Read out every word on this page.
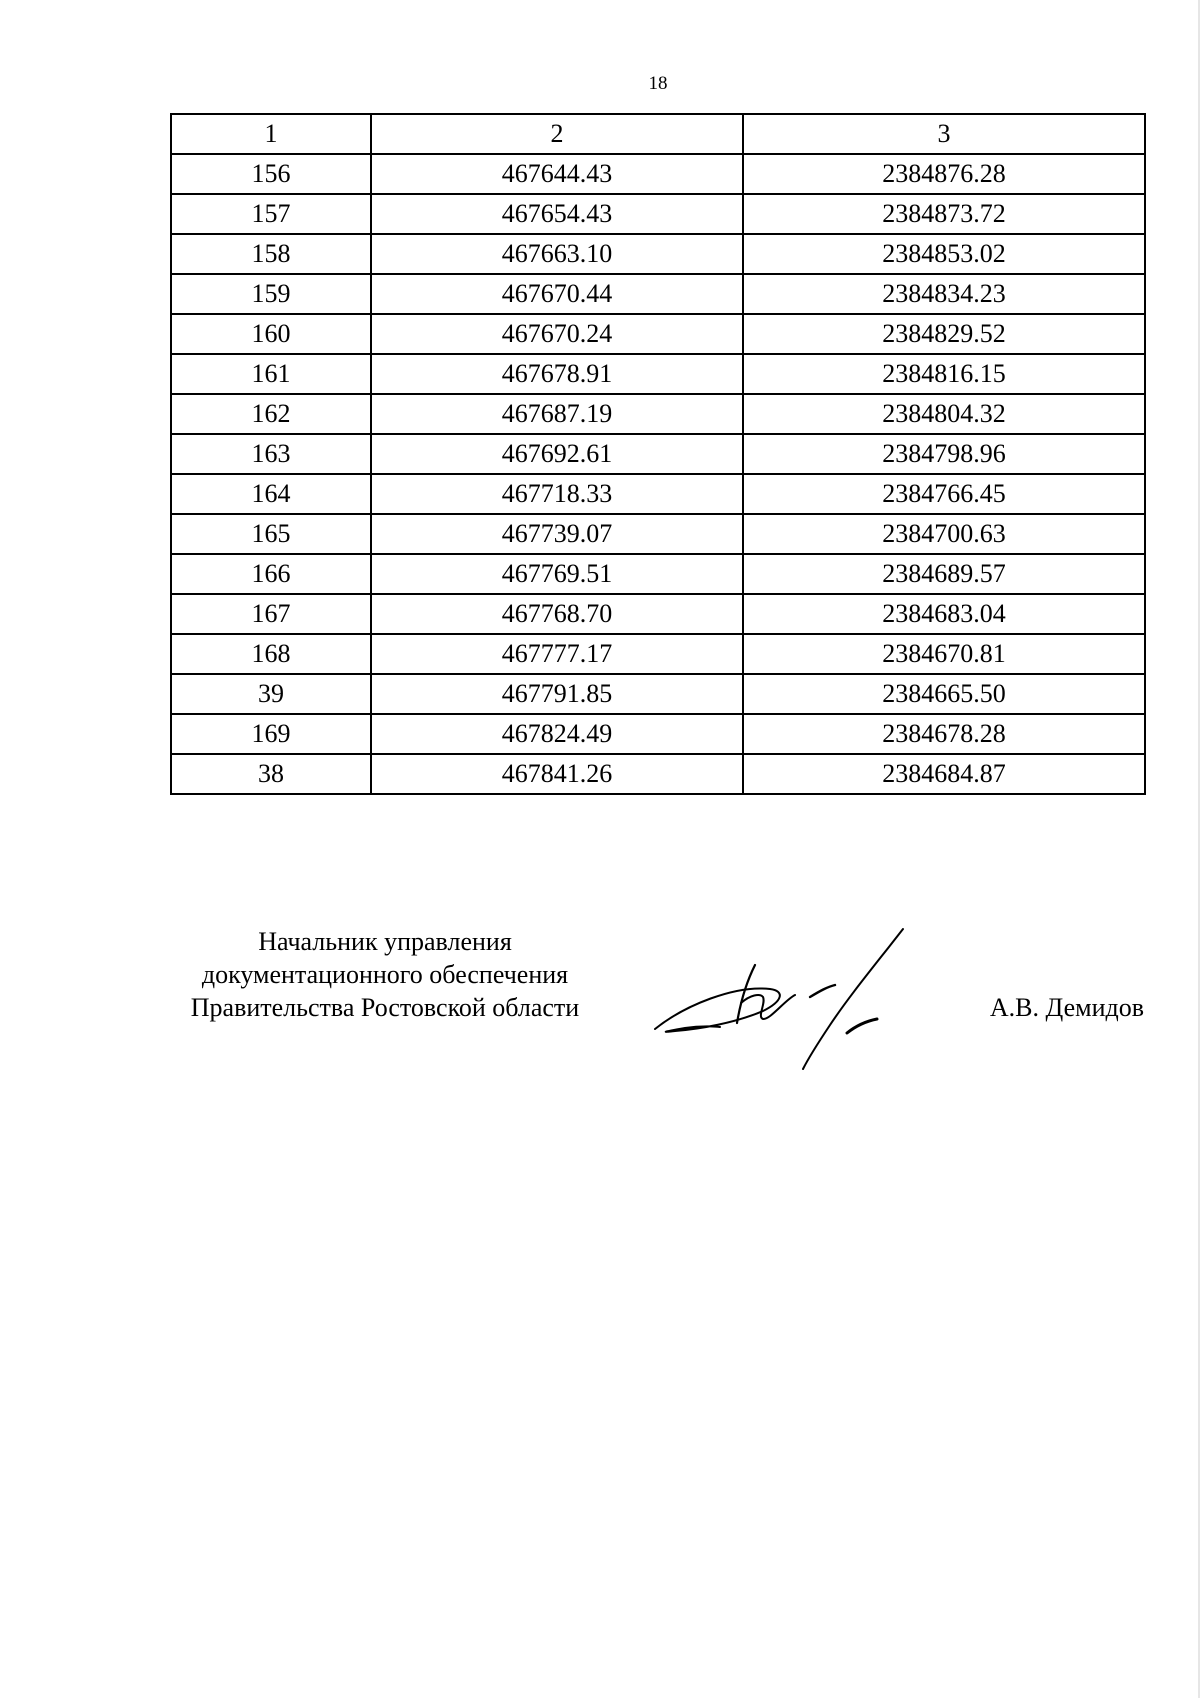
18
1	2	3
156	467644.43	2384876.28
157	467654.43	2384873.72
158	467663.10	2384853.02
159	467670.44	2384834.23
160	467670.24	2384829.52
161	467678.91	2384816.15
162	467687.19	2384804.32
163	467692.61	2384798.96
164	467718.33	2384766.45
165	467739.07	2384700.63
166	467769.51	2384689.57
167	467768.70	2384683.04
168	467777.17	2384670.81
39	467791.85	2384665.50
169	467824.49	2384678.28
38	467841.26	2384684.87
Начальник управления
документационного обеспечения
Правительства Ростовской области	А.В. Демидов
